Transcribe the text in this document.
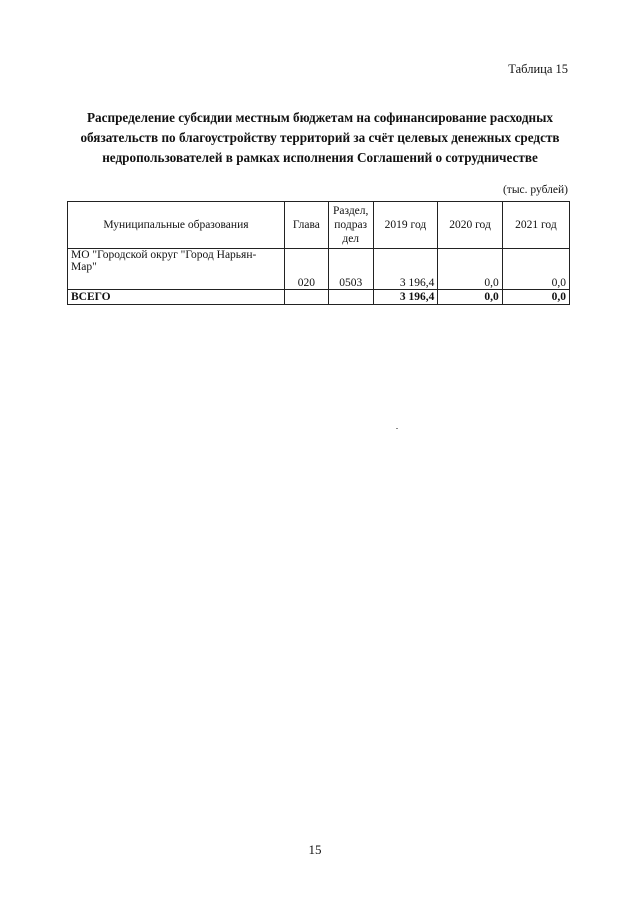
Таблица 15
Распределение субсидии местным бюджетам на софинансирование расходных
обязательств по благоустройству территорий за счёт целевых денежных средств
недропользователей в рамках исполнения Соглашений о сотрудничестве
(тыс. рублей)
Муниципальные образования	Глава	Раздел,
подраз
дел	2019 год	2020 год	2021 год
МО "Городской округ "Город Нарьян-Мар"	020	0503	3 196,4	0,0	0,0
ВСЕГО			3 196,4	0,0	0,0
15
